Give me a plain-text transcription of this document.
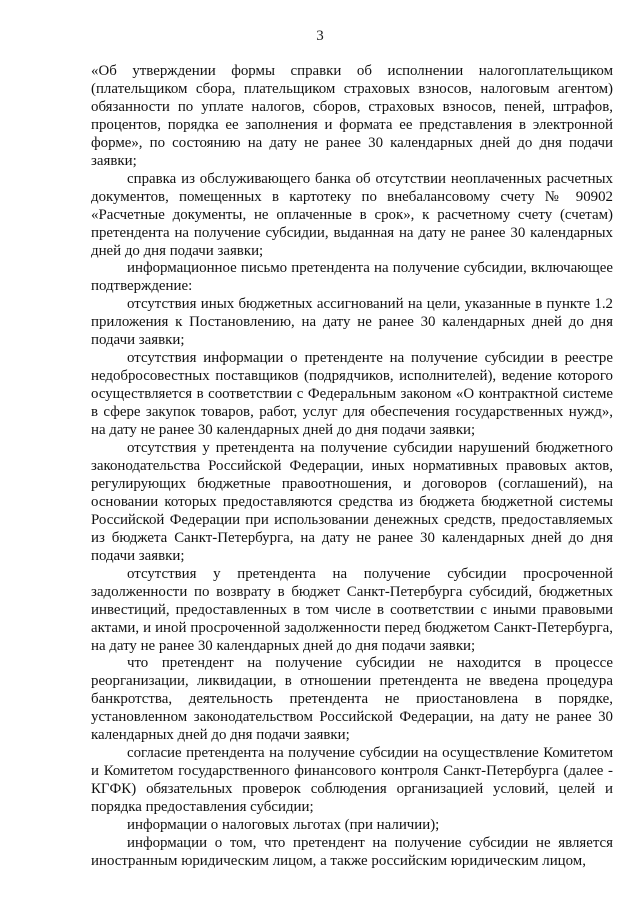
3

«Об утверждении формы справки об исполнении налогоплательщиком (плательщиком сбора, плательщиком страховых взносов, налоговым агентом) обязанности по уплате налогов, сборов, страховых взносов, пеней, штрафов, процентов, порядка ее заполнения и формата ее представления в электронной форме», по состоянию на дату не ранее 30 календарных дней до дня подачи заявки;

справка из обслуживающего банка об отсутствии неоплаченных расчетных документов, помещенных в картотеку по внебалансовому счету № 90902 «Расчетные документы, не оплаченные в срок», к расчетному счету (счетам) претендента на получение субсидии, выданная на дату не ранее 30 календарных дней до дня подачи заявки;

информационное письмо претендента на получение субсидии, включающее подтверждение:

отсутствия иных бюджетных ассигнований на цели, указанные в пункте 1.2 приложения к Постановлению, на дату не ранее 30 календарных дней до дня подачи заявки;

отсутствия информации о претенденте на получение субсидии в реестре недобросовестных поставщиков (подрядчиков, исполнителей), ведение которого осуществляется в соответствии с Федеральным законом «О контрактной системе в сфере закупок товаров, работ, услуг для обеспечения государственных нужд», на дату не ранее 30 календарных дней до дня подачи заявки;

отсутствия у претендента на получение субсидии нарушений бюджетного законодательства Российской Федерации, иных нормативных правовых актов, регулирующих бюджетные правоотношения, и договоров (соглашений), на основании которых предоставляются средства из бюджета бюджетной системы Российской Федерации при использовании денежных средств, предоставляемых из бюджета Санкт-Петербурга, на дату не ранее 30 календарных дней до дня подачи заявки;

отсутствия у претендента на получение субсидии просроченной задолженности по возврату в бюджет Санкт-Петербурга субсидий, бюджетных инвестиций, предоставленных в том числе в соответствии с иными правовыми актами, и иной просроченной задолженности перед бюджетом Санкт-Петербурга, на дату не ранее 30 календарных дней до дня подачи заявки;

что претендент на получение субсидии не находится в процессе реорганизации, ликвидации, в отношении претендента не введена процедура банкротства, деятельность претендента не приостановлена в порядке, установленном законодательством Российской Федерации, на дату не ранее 30 календарных дней до дня подачи заявки;

согласие претендента на получение субсидии на осуществление Комитетом и Комитетом государственного финансового контроля Санкт-Петербурга (далее - КГФК) обязательных проверок соблюдения организацией условий, целей и порядка предоставления субсидии;

информации о налоговых льготах (при наличии);

информации о том, что претендент на получение субсидии не является иностранным юридическим лицом, а также российским юридическим лицом,
